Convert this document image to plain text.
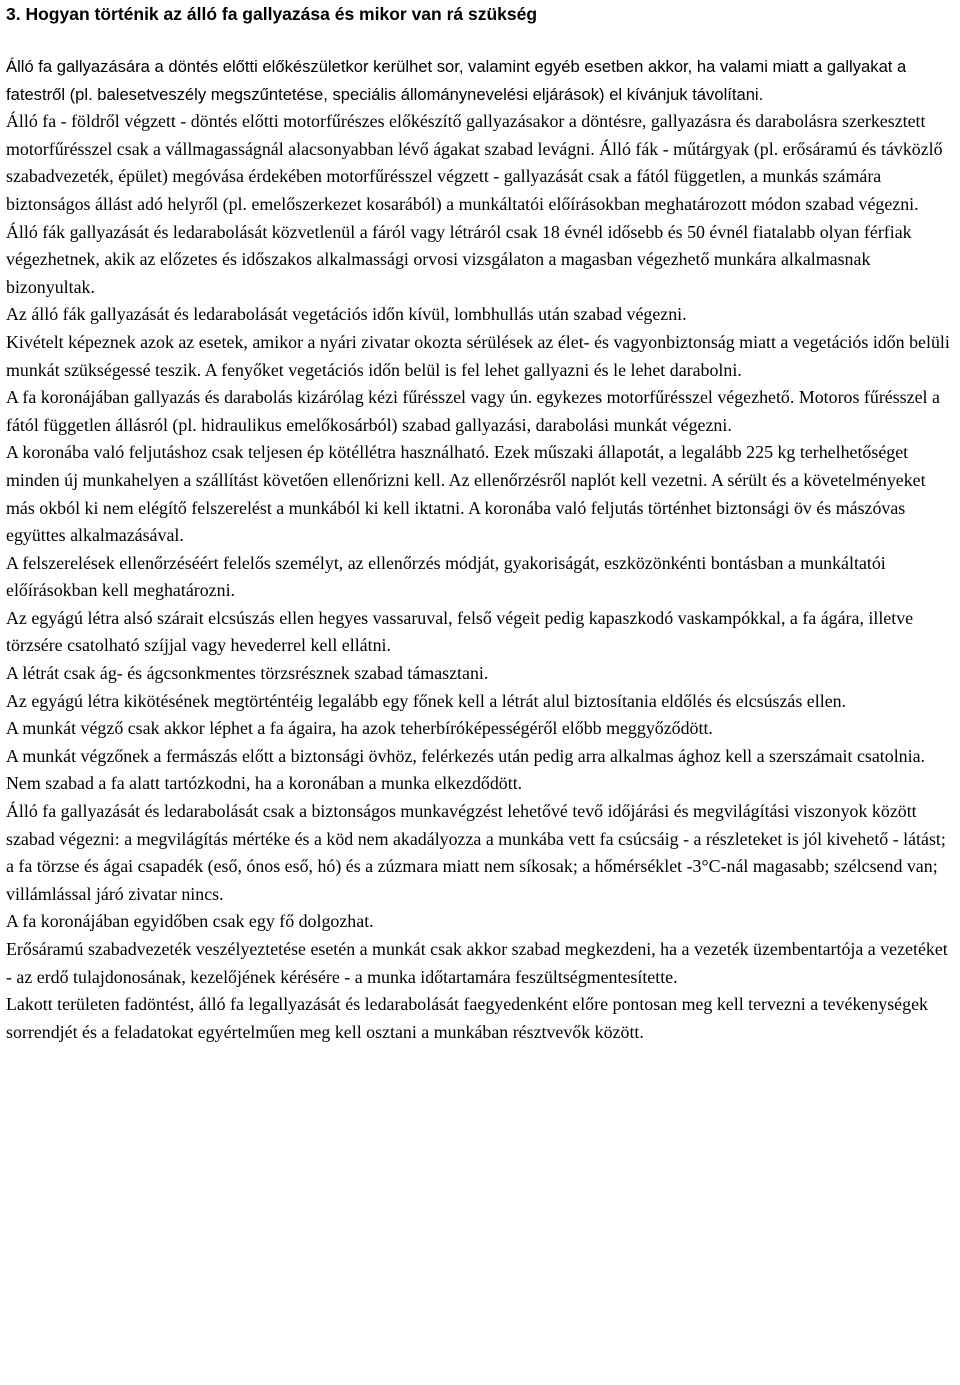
3. Hogyan történik az álló fa gallyazása és mikor van rá szükség

Álló fa gallyazására a döntés előtti előkészületkor kerülhet sor, valamint egyéb esetben akkor, ha valami miatt a gallyakat a fatestről (pl. balesetveszély megszűntetése, speciális állománynevelési eljárások) el kívánjuk távolítani.

Álló fa - földről végzett - döntés előtti motorfűrészes előkészítő gallyazásakor a döntésre, gallyazásra és darabolásra szerkesztett motorfűrésszel csak a vállmagasságnál alacsonyabban lévő ágakat szabad levágni. Álló fák - műtárgyak (pl. erősáramú és távközlő szabadvezeték, épület) megóvása érdekében motorfűrésszel végzett - gallyazását csak a fától független, a munkás számára biztonságos állást adó helyről (pl. emelőszerkezet kosarából) a munkáltatói előírásokban meghatározott módon szabad végezni.

Álló fák gallyazását és ledarabolását közvetlenül a fáról vagy létráról csak 18 évnél idősebb és 50 évnél fiatalabb olyan férfiak végezhetnek, akik az előzetes és időszakos alkalmassági orvosi vizsgálaton a magasban végezhető munkára alkalmasnak bizonyultak.

Az álló fák gallyazását és ledarabolását vegetációs időn kívül, lombhullás után szabad végezni.

Kivételt képeznek azok az esetek, amikor a nyári zivatar okozta sérülések az élet- és vagyonbiztonság miatt a vegetációs időn belüli munkát szükségessé teszik. A fenyőket vegetációs időn belül is fel lehet gallyazni és le lehet darabolni.

A fa koronájában gallyazás és darabolás kizárólag kézi fűrésszel vagy ún. egykezes motorfűrésszel végezhető. Motoros fűrésszel a fától független állásról (pl. hidraulikus emelőkosárból) szabad gallyazási, darabolási munkát végezni.

A koronába való feljutáshoz csak teljesen ép kötéllétra használható. Ezek műszaki állapotát, a legalább 225 kg terhelhetőséget minden új munkahelyen a szállítást követően ellenőrizni kell. Az ellenőrzésről naplót kell vezetni. A sérült és a követelményeket más okból ki nem elégítő felszerelést a munkából ki kell iktatni. A koronába való feljutás történhet biztonsági öv és mászóvas együttes alkalmazásával.

A felszerelések ellenőrzéséért felelős személyt, az ellenőrzés módját, gyakoriságát, eszközönkénti bontásban a munkáltatói előírásokban kell meghatározni.

Az egyágú létra alsó szárait elcsúszás ellen hegyes vassaruval, felső végeit pedig kapaszkodó vaskampókkal, a fa ágára, illetve törzsére csatolható szíjjal vagy hevederrel kell ellátni.

A létrát csak ág- és ágcsonkmentes törzsrésznek szabad támasztani.

Az egyágú létra kikötésének megtörténtéig legalább egy főnek kell a létrát alul biztosítania eldőlés és elcsúszás ellen.

A munkát végző csak akkor léphet a fa ágaira, ha azok teherbíróképességéről előbb meggyőződött.

A munkát végzőnek a fermászás előtt a biztonsági övhöz, felérkezés után pedig arra alkalmas ághoz kell a szerszámait csatolnia.

Nem szabad a fa alatt tartózkodni, ha a koronában a munka elkezdődött.

Álló fa gallyazását és ledarabolását csak a biztonságos munkavégzést lehetővé tevő időjárási és megvilágítási viszonyok között szabad végezni: a megvilágítás mértéke és a köd nem akadályozza a munkába vett fa csúcsáig - a részleteket is jól kivehető - látást; a fa törzse és ágai csapadék (eső, ónos eső, hó) és a zúzmara miatt nem síkosak; a hőmérséklet -3°C-nál magasabb; szélcsend van; villámlással járó zivatar nincs.

A fa koronájában egyidőben csak egy fő dolgozhat.

Erősáramú szabadvezeték veszélyeztetése esetén a munkát csak akkor szabad megkezdeni, ha a vezeték üzembentartója a vezetéket - az erdő tulajdonosának, kezelőjének kérésére - a munka időtartamára feszültségmentesítette.

Lakott területen fadöntést, álló fa legallyazását és ledarabolását faegyedenként előre pontosan meg kell tervezni a tevékenységek sorrendjét és a feladatokat egyértelműen meg kell osztani a munkában résztvevők között.
